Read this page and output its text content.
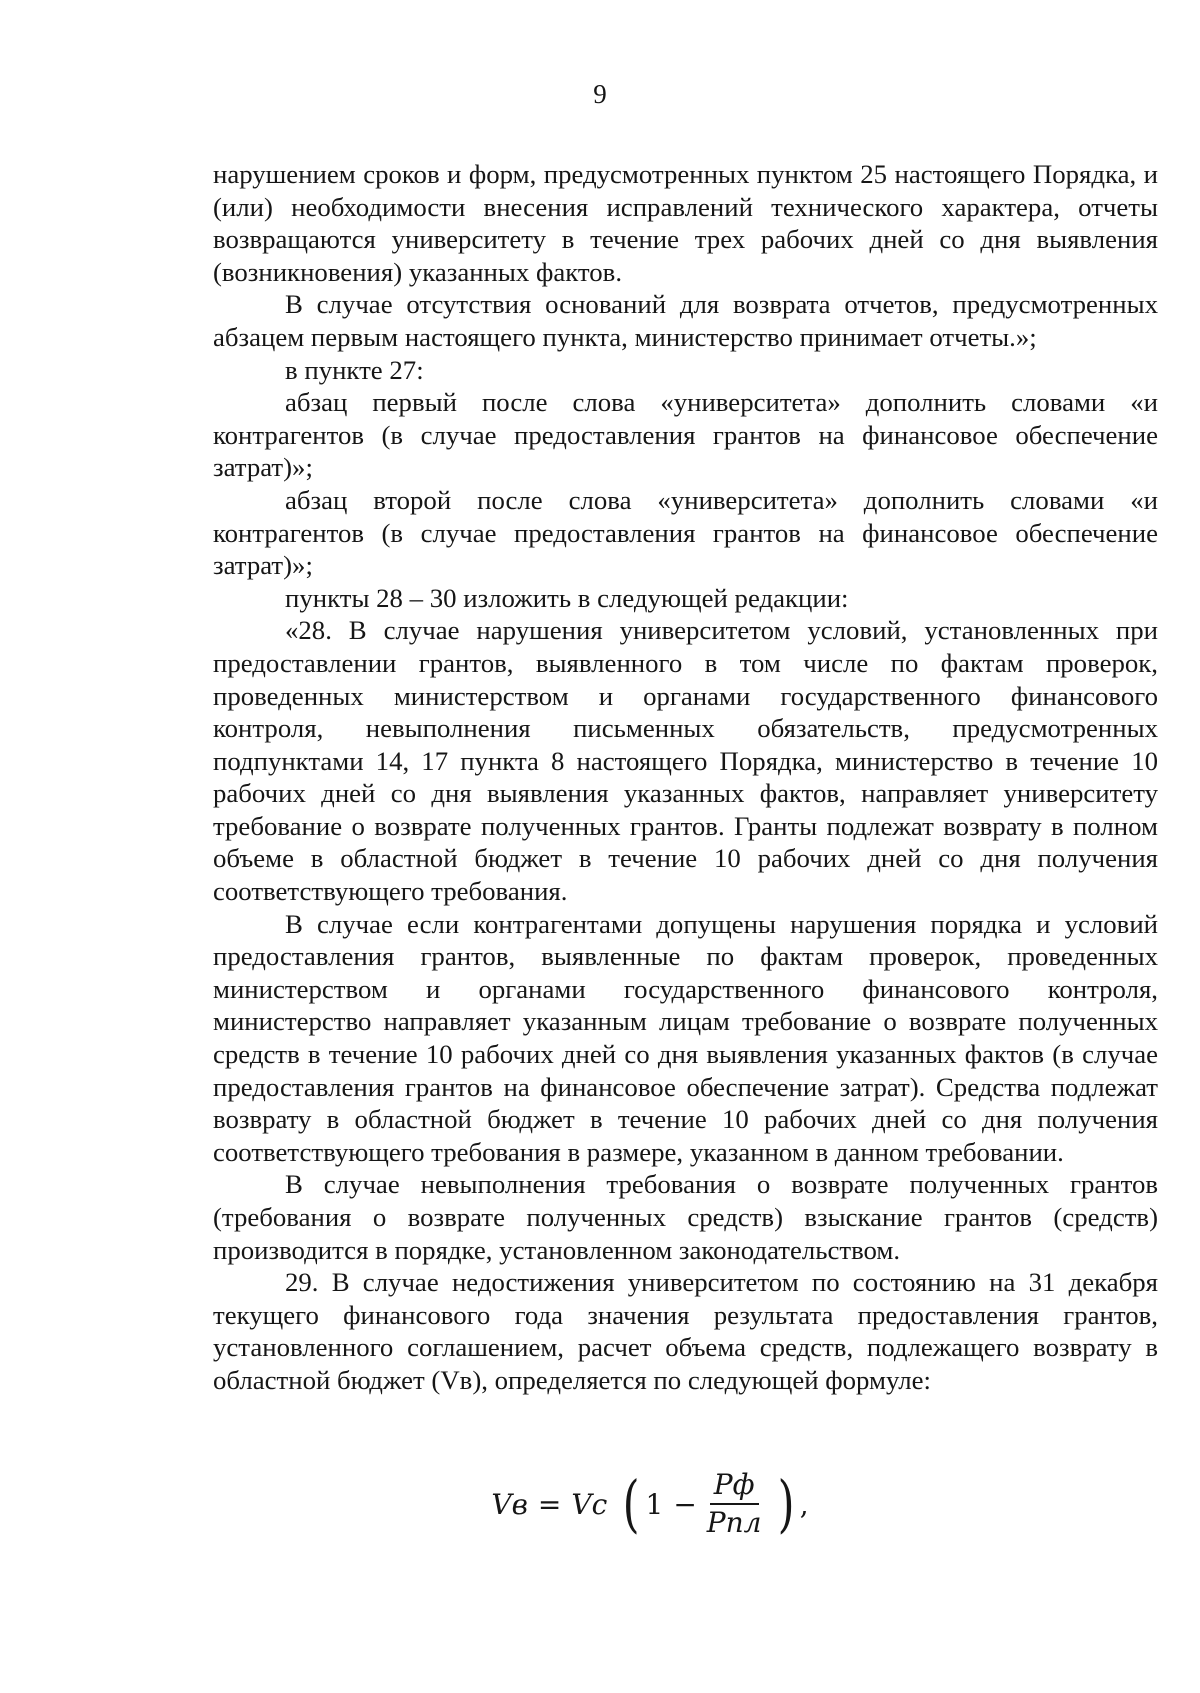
9

нарушением сроков и форм, предусмотренных пунктом 25 настоящего Порядка, и (или) необходимости внесения исправлений технического характера, отчеты возвращаются университету в течение трех рабочих дней со дня выявления (возникновения) указанных фактов.

В случае отсутствия оснований для возврата отчетов, предусмотренных абзацем первым настоящего пункта, министерство принимает отчеты.»;

в пункте 27:

абзац первый после слова «университета» дополнить словами «и контрагентов (в случае предоставления грантов на финансовое обеспечение затрат)»;

абзац второй после слова «университета» дополнить словами «и контрагентов (в случае предоставления грантов на финансовое обеспечение затрат)»;

пункты 28 – 30 изложить в следующей редакции:

«28. В случае нарушения университетом условий, установленных при предоставлении грантов, выявленного в том числе по фактам проверок, проведенных министерством и органами государственного финансового контроля, невыполнения письменных обязательств, предусмотренных подпунктами 14, 17 пункта 8 настоящего Порядка, министерство в течение 10 рабочих дней со дня выявления указанных фактов, направляет университету требование о возврате полученных грантов. Гранты подлежат возврату в полном объеме в областной бюджет в течение 10 рабочих дней со дня получения соответствующего требования.

В случае если контрагентами допущены нарушения порядка и условий предоставления грантов, выявленные по фактам проверок, проведенных министерством и органами государственного финансового контроля, министерство направляет указанным лицам требование о возврате полученных средств в течение 10 рабочих дней со дня выявления указанных фактов (в случае предоставления грантов на финансовое обеспечение затрат). Средства подлежат возврату в областной бюджет в течение 10 рабочих дней со дня получения соответствующего требования в размере, указанном в данном требовании.

В случае невыполнения требования о возврате полученных грантов (требования о возврате полученных средств) взыскание грантов (средств) производится в порядке, установленном законодательством.

29. В случае недостижения университетом по состоянию на 31 декабря текущего финансового года значения результата предоставления грантов, установленного соглашением, расчет объема средств, подлежащего возврату в областной бюджет (Vв), определяется по следующей формуле:

Vв = Vc ( $1 - \frac{Рф}{\text{Рпл}}$ ) ,
